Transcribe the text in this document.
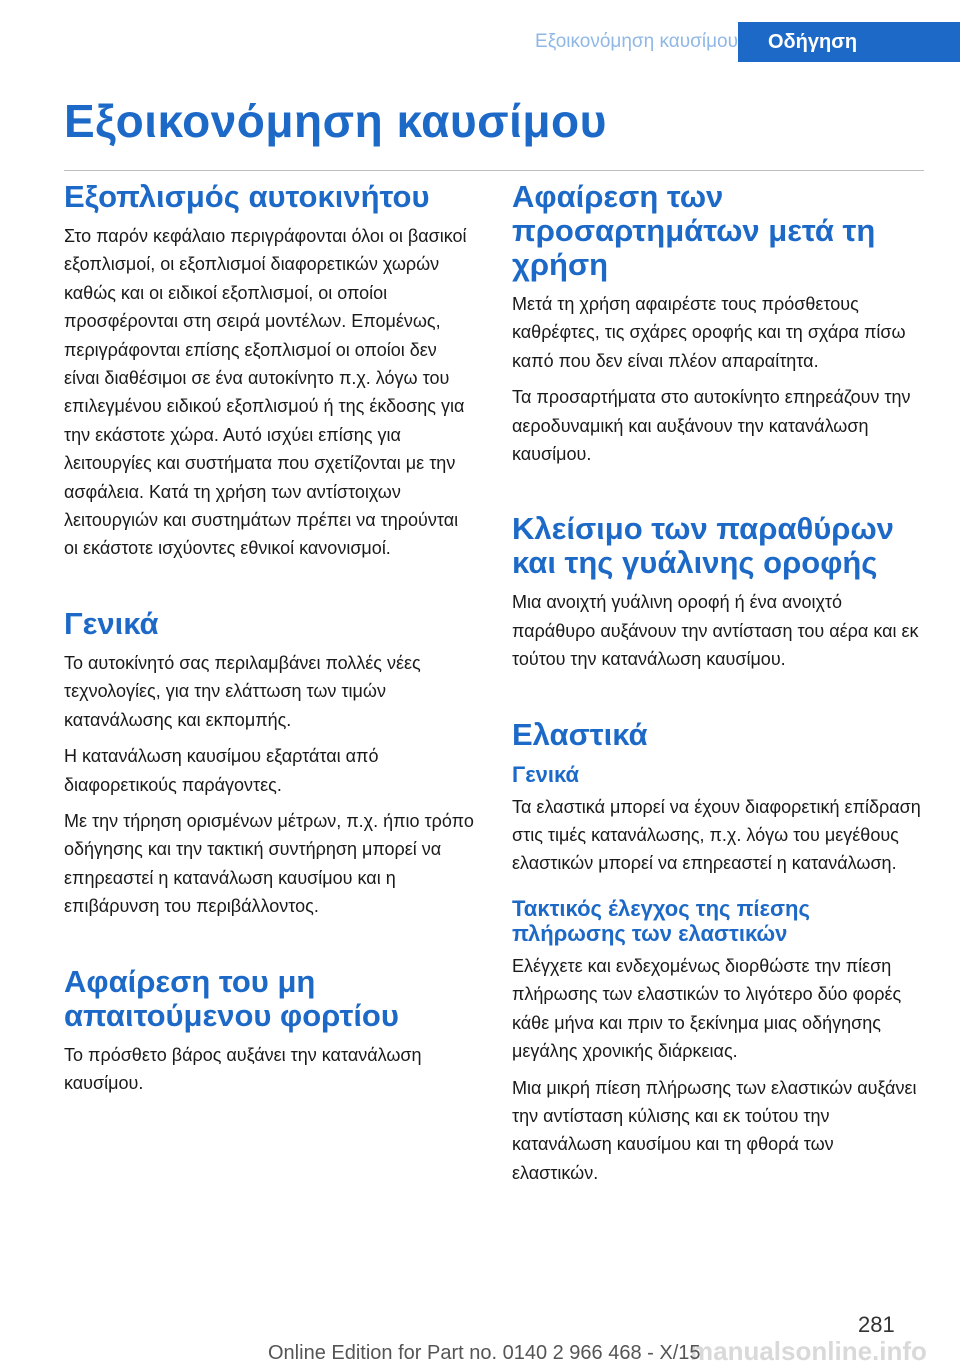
Εξοικονόμηση καυσίμου	Οδήγηση
Εξοικονόμηση καυσίμου
Εξοπλισμός αυτοκινήτου

Στο παρόν κεφάλαιο περιγράφονται όλοι οι βασικοί εξοπλισμοί, οι εξοπλισμοί διαφορετικών χωρών καθώς και οι ειδικοί εξοπλισμοί, οι οποίοι προσφέρονται στη σειρά μοντέλων. Επομένως, περιγράφονται επίσης εξοπλισμοί οι οποίοι δεν είναι διαθέσιμοι σε ένα αυτοκίνητο π.χ. λόγω του επιλεγμένου ειδικού εξοπλισμού ή της έκδοσης για την εκάστοτε χώρα. Αυτό ισχύει επίσης για λειτουργίες και συστήματα που σχετίζονται με την ασφάλεια. Κατά τη χρήση των αντίστοιχων λειτουργιών και συστημάτων πρέπει να τηρούνται οι εκάστοτε ισχύοντες εθνικοί κανονισμοί.

Γενικά

Το αυτοκίνητό σας περιλαμβάνει πολλές νέες τεχνολογίες, για την ελάττωση των τιμών κατανάλωσης και εκπομπής.

Η κατανάλωση καυσίμου εξαρτάται από διαφορετικούς παράγοντες.

Με την τήρηση ορισμένων μέτρων, π.χ. ήπιο τρόπο οδήγησης και την τακτική συντήρηση μπορεί να επηρεαστεί η κατανάλωση καυσίμου και η επιβάρυνση του περιβάλλοντος.

Αφαίρεση του μη απαιτούμενου φορτίου

Το πρόσθετο βάρος αυξάνει την κατανάλωση καυσίμου.

Αφαίρεση των προσαρτημάτων μετά τη χρήση

Μετά τη χρήση αφαιρέστε τους πρόσθετους καθρέφτες, τις σχάρες οροφής και τη σχάρα πίσω καπό που δεν είναι πλέον απαραίτητα.

Τα προσαρτήματα στο αυτοκίνητο επηρεάζουν την αεροδυναμική και αυξάνουν την κατανάλωση καυσίμου.

Κλείσιμο των παραθύρων και της γυάλινης οροφής

Μια ανοιχτή γυάλινη οροφή ή ένα ανοιχτό παράθυρο αυξάνουν την αντίσταση του αέρα και εκ τούτου την κατανάλωση καυσίμου.

Ελαστικά
Γενικά

Τα ελαστικά μπορεί να έχουν διαφορετική επίδραση στις τιμές κατανάλωσης, π.χ. λόγω του μεγέθους ελαστικών μπορεί να επηρεαστεί η κατανάλωση.

Τακτικός έλεγχος της πίεσης πλήρωσης των ελαστικών

Ελέγχετε και ενδεχομένως διορθώστε την πίεση πλήρωσης των ελαστικών το λιγότερο δύο φορές κάθε μήνα και πριν το ξεκίνημα μιας οδήγησης μεγάλης χρονικής διάρκειας.

Μια μικρή πίεση πλήρωσης των ελαστικών αυξάνει την αντίσταση κύλισης και εκ τούτου την κατανάλωση καυσίμου και τη φθορά των ελαστικών.

281
manualsonline.info
Online Edition for Part no. 0140 2 966 468 - X/15
